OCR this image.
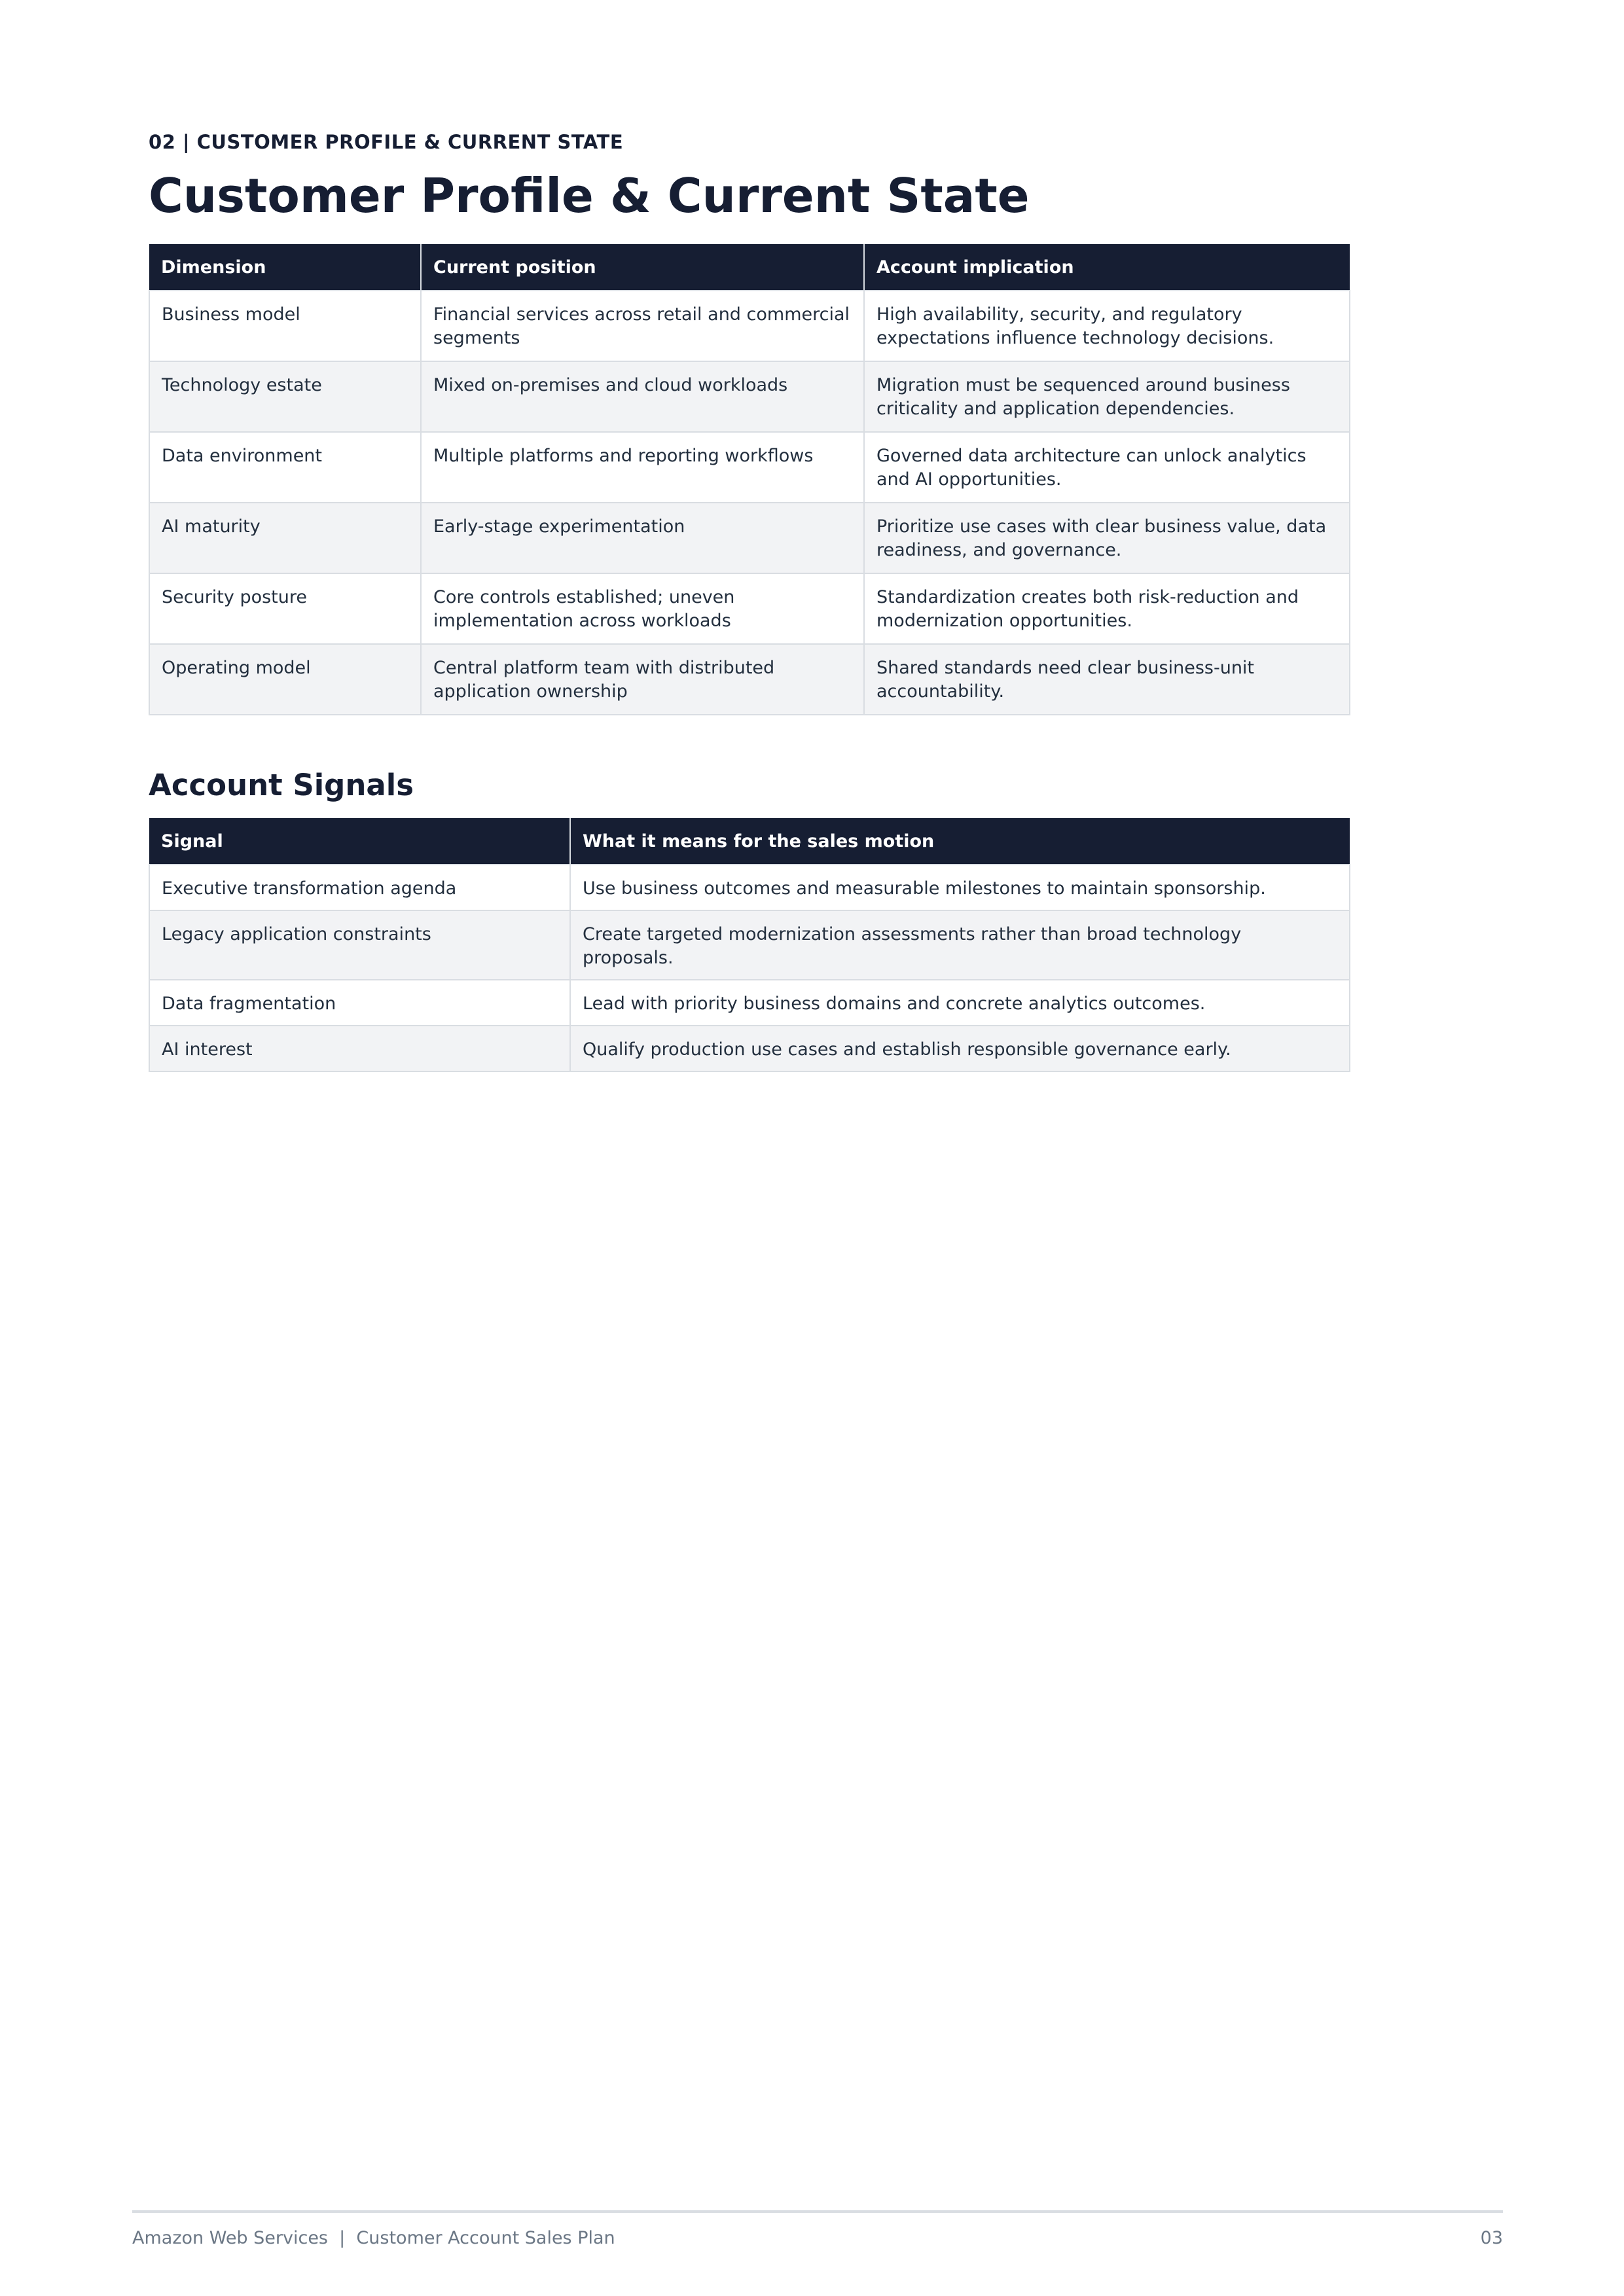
02 | CUSTOMER PROFILE & CURRENT STATE
Customer Profile & Current State
Dimension	Current position	Account implication
Business model	Financial services across retail and commercial segments	High availability, security, and regulatory expectations influence technology decisions.
Technology estate	Mixed on-premises and cloud workloads	Migration must be sequenced around business criticality and application dependencies.
Data environment	Multiple platforms and reporting workflows	Governed data architecture can unlock analytics and AI opportunities.
AI maturity	Early-stage experimentation	Prioritize use cases with clear business value, data readiness, and governance.
Security posture	Core controls established; uneven implementation across workloads	Standardization creates both risk-reduction and modernization opportunities.
Operating model	Central platform team with distributed application ownership	Shared standards need clear business-unit accountability.
Account Signals
Signal	What it means for the sales motion
Executive transformation agenda	Use business outcomes and measurable milestones to maintain sponsorship.
Legacy application constraints	Create targeted modernization assessments rather than broad technology proposals.
Data fragmentation	Lead with priority business domains and concrete analytics outcomes.
AI interest	Qualify production use cases and establish responsible governance early.
Amazon Web Services  |  Customer Account Sales Plan	03
